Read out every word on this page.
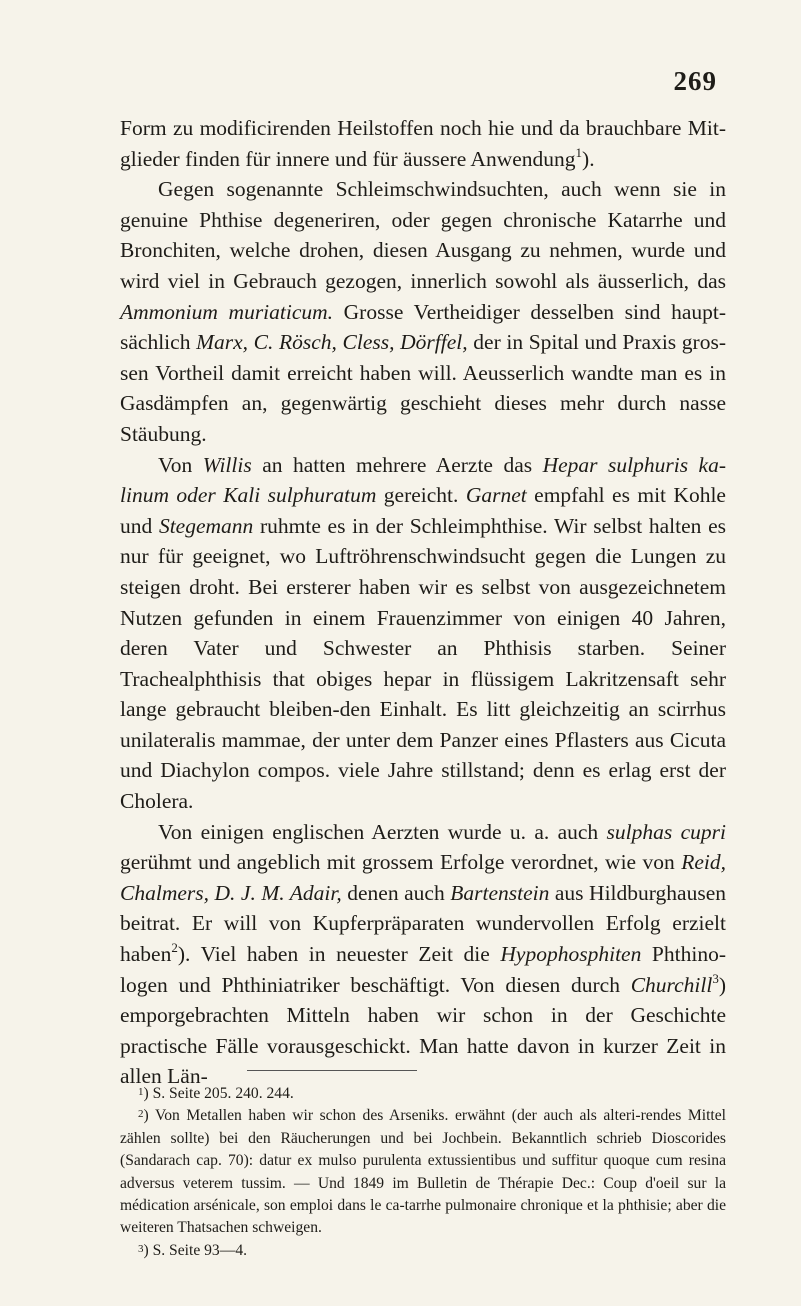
269

Form zu modificirenden Heilstoffen noch hie und da brauchbare Mit-glieder finden für innere und für äussere Anwendung$^1$).

Gegen sogenannte Schleimschwindsuchten, auch wenn sie in genuine Phthise degeneriren, oder gegen chronische Katarrhe und Bronchiten, welche drohen, diesen Ausgang zu nehmen, wurde und wird viel in Gebrauch gezogen, innerlich sowohl als äusserlich, das Ammonium muriaticum. Grosse Vertheidiger desselben sind haupt-sächlich Marx, C. Rösch, Cless, Dörffel, der in Spital und Praxis gros-sen Vortheil damit erreicht haben will. Aeusserlich wandte man es in Gasdämpfen an, gegenwärtig geschieht dieses mehr durch nasse Stäubung.

Von Willis an hatten mehrere Aerzte das Hepar sulphuris ka-linum oder Kali sulphuratum gereicht. Garnet empfahl es mit Kohle und Stegemann ruhmte es in der Schleimphthise. Wir selbst halten es nur für geeignet, wo Luftröhrenschwindsucht gegen die Lungen zu steigen droht. Bei ersterer haben wir es selbst von ausgezeichnetem Nutzen gefunden in einem Frauenzimmer von einigen 40 Jahren, deren Vater und Schwester an Phthisis starben. Seiner Trachealphthisis that obiges hepar in flüssigem Lakritzensaft sehr lange gebraucht bleiben-den Einhalt. Es litt gleichzeitig an scirrhus unilateralis mammae, der unter dem Panzer eines Pflasters aus Cicuta und Diachylon compos. viele Jahre stillstand; denn es erlag erst der Cholera.

Von einigen englischen Aerzten wurde u. a. auch sulphas cupri gerühmt und angeblich mit grossem Erfolge verordnet, wie von Reid, Chalmers, D. J. M. Adair, denen auch Bartenstein aus Hildburghausen beitrat. Er will von Kupferpräparaten wundervollen Erfolg erzielt haben$^2$). Viel haben in neuester Zeit die Hypophosphiten Phthino-logen und Phthiniatriker beschäftigt. Von diesen durch Churchill$^3$) emporgebrachten Mitteln haben wir schon in der Geschichte practische Fälle vorausgeschickt. Man hatte davon in kurzer Zeit in allen Län-

$^1$) S. Seite 205. 240. 244.

$^2$) Von Metallen haben wir schon des Arseniks. erwähnt (der auch als alteri-rendes Mittel zählen sollte) bei den Räucherungen und bei Jochbein. Bekanntlich schrieb Dioscorides (Sandarach cap. 70): datur ex mulso purulenta extussientibus und suffitur quoque cum resina adversus veterem tussim. — Und 1849 im Bulletin de Thérapie Dec.: Coup d'oeil sur la médication arsénicale, son emploi dans le ca-tarrhe pulmonaire chronique et la phthisie; aber die weiteren Thatsachen schweigen.

$^3$) S. Seite 93—4.
